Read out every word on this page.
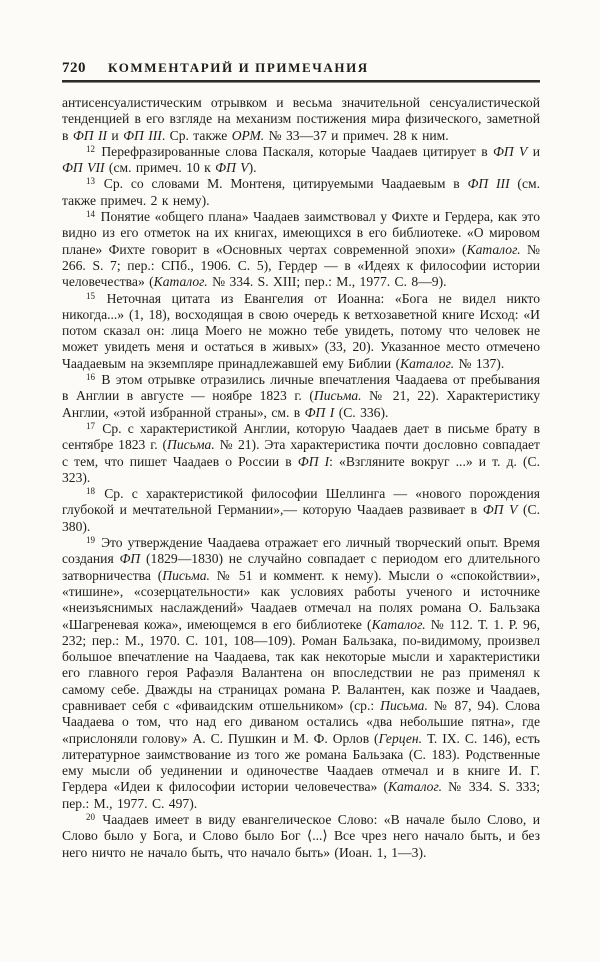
720 КОММЕНТАРИЙ И ПРИМЕЧАНИЯ

антисенсуалистическим отрывком и весьма значительной сенсуалистической тенденцией в его взгляде на механизм постижения мира физического, заметной в ФП II и ФП III. Ср. также ОРМ. № 33—37 и примеч. 28 к ним.

$^{12}$ Перефразированные слова Паскаля, которые Чаадаев цитирует в ФП V и ФП VII (см. примеч. 10 к ФП V).

$^{13}$ Ср. со словами М. Монтеня, цитируемыми Чаадаевым в ФП III (см. также примеч. 2 к нему).

$^{14}$ Понятие «общего плана» Чаадаев заимствовал у Фихте и Гердера, как это видно из его отметок на их книгах, имеющихся в его библиотеке. «О мировом плане» Фихте говорит в «Основных чертах современной эпохи» (Каталог. № 266. S. 7; пер.: СПб., 1906. С. 5), Гердер — в «Идеях к философии истории человечества» (Каталог. № 334. S. XIII; пер.: М., 1977. С. 8—9).

$^{15}$ Неточная цитата из Евангелия от Иоанна: «Бога не видел никто никогда...» (1, 18), восходящая в свою очередь к ветхозаветной книге Исход: «И потом сказал он: лица Моего не можно тебе увидеть, потому что человек не может увидеть меня и остаться в живых» (33, 20). Указанное место отмечено Чаадаевым на экземпляре принадлежавшей ему Библии (Каталог. № 137).

$^{16}$ В этом отрывке отразились личные впечатления Чаадаева от пребывания в Англии в августе — ноябре 1823 г. (Письма. № 21, 22). Характеристику Англии, «этой избранной страны», см. в ФП I (С. 336).

$^{17}$ Ср. с характеристикой Англии, которую Чаадаев дает в письме брату в сентябре 1823 г. (Письма. № 21). Эта характеристика почти дословно совпадает с тем, что пишет Чаадаев о России в ФП I: «Взгляните вокруг ...» и т. д. (С. 323).

$^{18}$ Ср. с характеристикой философии Шеллинга — «нового порождения глубокой и мечтательной Германии»,— которую Чаадаев развивает в ФП V (С. 380).

$^{19}$ Это утверждение Чаадаева отражает его личный творческий опыт. Время создания ФП (1829—1830) не случайно совпадает с периодом его длительного затворничества (Письма. № 51 и коммент. к нему). Мысли о «спокойствии», «тишине», «созерцательности» как условиях работы ученого и источнике «неизъяснимых наслаждений» Чаадаев отмечал на полях романа О. Бальзака «Шагреневая кожа», имеющемся в его библиотеке (Каталог. № 112. Т. 1. Р. 96, 232; пер.: М., 1970. С. 101, 108—109). Роман Бальзака, по-видимому, произвел большое впечатление на Чаадаева, так как некоторые мысли и характеристики его главного героя Рафаэля Валантена он впоследствии не раз применял к самому себе. Дважды на страницах романа Р. Валантен, как позже и Чаадаев, сравнивает себя с «фиваидским отшельником» (ср.: Письма. № 87, 94). Слова Чаадаева о том, что над его диваном остались «два небольшие пятна», где «прислоняли голову» А. С. Пушкин и М. Ф. Орлов (Герцен. Т. IX. С. 146), есть литературное заимствование из того же романа Бальзака (С. 183). Родственные ему мысли об уединении и одиночестве Чаадаев отмечал и в книге И. Г. Гердера «Идеи к философии истории человечества» (Каталог. № 334. S. 333; пер.: М., 1977. С. 497).

$^{20}$ Чаадаев имеет в виду евангелическое Слово: «В начале было Слово, и Слово было у Бога, и Слово было Бог ⟨...⟩ Все чрез него начало быть, и без него ничто не начало быть, что начало быть» (Иоан. 1, 1—3).
